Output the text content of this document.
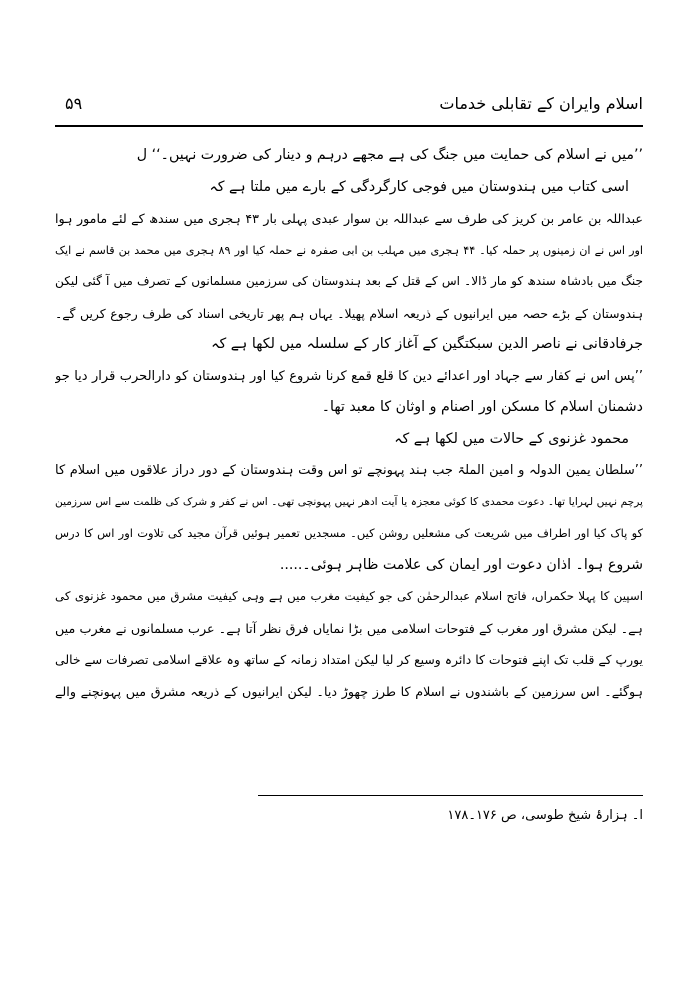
اسلام وایران کے تقابلی خدمات
۵۹
’’میں نے اسلام کی حمایت میں جنگ کی ہے مجھے درہم و دینار کی ضرورت نہیں۔‘‘ ل
اسی کتاب میں ہندوستان میں فوجی کارگردگی کے بارے میں ملتا ہے کہ
عبداللہ بن عامر بن کریز کی طرف سے عبداللہ بن سوار عبدی پہلی بار ۴۳ ہجری میں سندھ کے لئے مامور ہوا
اور اس نے ان زمینوں پر حملہ کیا۔ ۴۴ ہجری میں مہلب بن ابی صفرہ نے حملہ کیا اور ۸۹ ہجری میں محمد بن قاسم نے ایک
جنگ میں بادشاہ سندھ کو مار ڈالا۔ اس کے قتل کے بعد ہندوستان کی سرزمین مسلمانوں کے تصرف میں آ گئی لیکن
ہندوستان کے بڑے حصہ میں ایرانیوں کے ذریعہ اسلام پھیلا۔ یہاں ہم پھر تاریخی اسناد کی طرف رجوع کریں گے۔
جرفادقانی نے ناصر الدین سبکتگین کے آغاز کار کے سلسلہ میں لکھا ہے کہ
’’پس اس نے کفار سے جہاد اور اعدائے دین کا قلع قمع کرنا شروع کیا اور ہندوستان کو دارالحرب قرار دیا جو
دشمنان اسلام کا مسکن اور اصنام و اوثان کا معبد تھا۔
محمود غزنوی کے حالات میں لکھا ہے کہ
’’سلطان یمین الدولہ و امین الملۃ جب ہند پہونچے تو اس وقت ہندوستان کے دور دراز علاقوں میں اسلام کا
پرچم نہیں لہرایا تھا۔ دعوت محمدی کا کوئی معجزہ یا آیت ادھر نہیں پہونچی تھی۔ اس نے کفر و شرک کی ظلمت سے اس سرزمین
کو پاک کیا اور اطراف میں شریعت کی مشعلیں روشن کیں۔ مسجدیں تعمیر ہوئیں قرآن مجید کی تلاوت اور اس کا درس
شروع ہوا۔ اذان دعوت اور ایمان کی علامت ظاہر ہوئی۔.....
اسپین کا پہلا حکمراں، فاتح اسلام عبدالرحمٰن کی جو کیفیت مغرب میں ہے وہی کیفیت مشرق میں محمود غزنوی کی
ہے۔ لیکن مشرق اور مغرب کے فتوحات اسلامی میں بڑا نمایاں فرق نظر آتا ہے۔ عرب مسلمانوں نے مغرب میں
یورپ کے قلب تک اپنے فتوحات کا دائرہ وسیع کر لیا لیکن امتداد زمانہ کے ساتھ وہ علاقے اسلامی تصرفات سے خالی
ہوگئے۔ اس سرزمین کے باشندوں نے اسلام کا طرز چھوڑ دیا۔ لیکن ایرانیوں کے ذریعہ مشرق میں پہونچنے والے
ا۔ ہزارۂ شیخ طوسی، ص ۱۷۶۔۱۷۸
